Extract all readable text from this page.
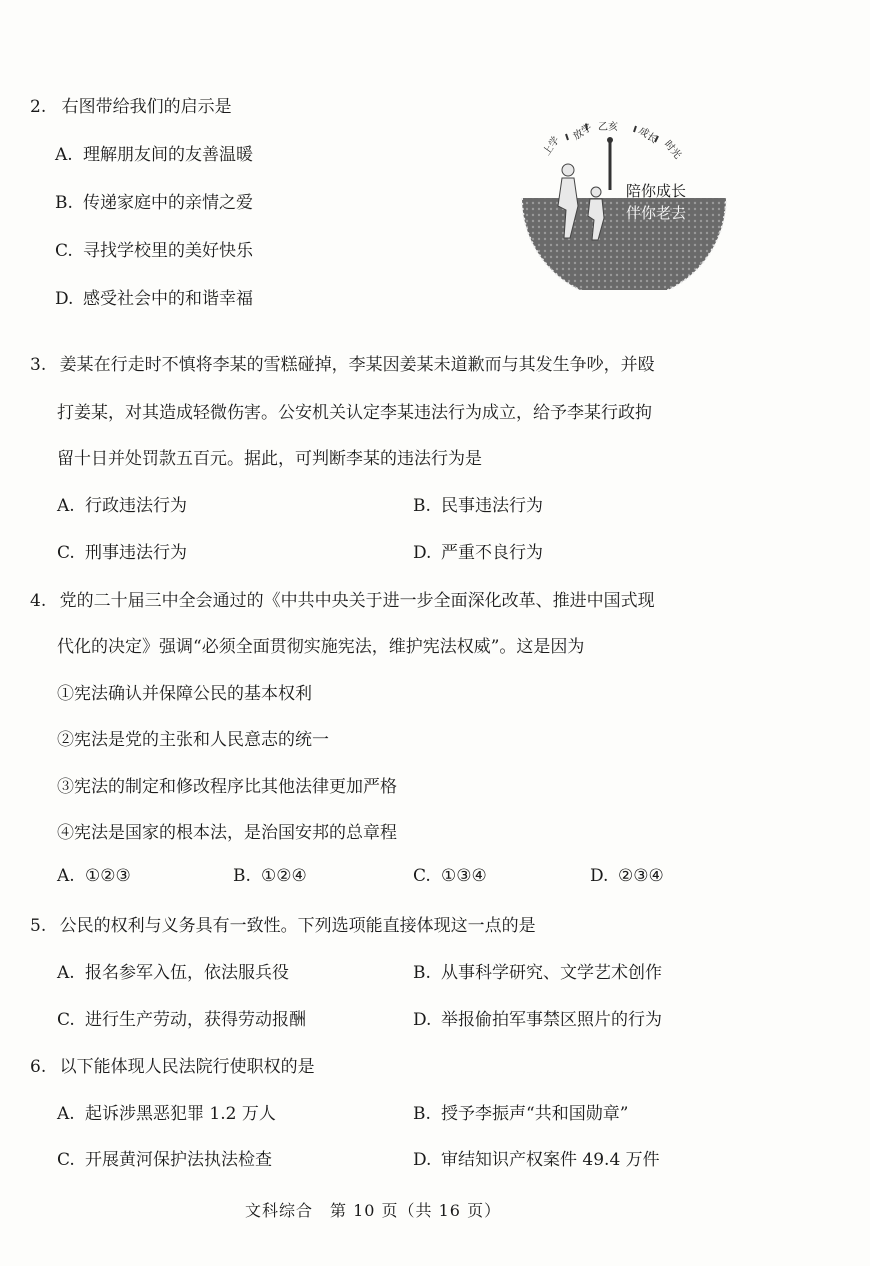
2. 右图带给我们的启示是
A. 理解朋友间的友善温暖
B. 传递家庭中的亲情之爱
C. 寻找学校里的美好快乐
D. 感受社会中的和谐幸福
上学
放学 乙亥 成长
时光
陪你成长
伴你老去
3. 姜某在行走时不慎将李某的雪糕碰掉，李某因姜某未道歉而与其发生争吵，并殴
打姜某，对其造成轻微伤害。公安机关认定李某违法行为成立，给予李某行政拘
留十日并处罚款五百元。据此，可判断李某的违法行为是
A. 行政违法行为	B. 民事违法行为
C. 刑事违法行为	D. 严重不良行为
4. 党的二十届三中全会通过的《中共中央关于进一步全面深化改革、推进中国式现
代化的决定》强调“必须全面贯彻实施宪法，维护宪法权威”。这是因为
①宪法确认并保障公民的基本权利
②宪法是党的主张和人民意志的统一
③宪法的制定和修改程序比其他法律更加严格
④宪法是国家的根本法，是治国安邦的总章程
A. ①②③	B. ①②④	C. ①③④	D. ②③④
5. 公民的权利与义务具有一致性。下列选项能直接体现这一点的是
A. 报名参军入伍，依法服兵役	B. 从事科学研究、文学艺术创作
C. 进行生产劳动，获得劳动报酬	D. 举报偷拍军事禁区照片的行为
6. 以下能体现人民法院行使职权的是
A. 起诉涉黑恶犯罪 1.2 万人	B. 授予李振声“共和国勋章”
C. 开展黄河保护法执法检查	D. 审结知识产权案件 49.4 万件
文科综合　第 10 页（共 16 页）
